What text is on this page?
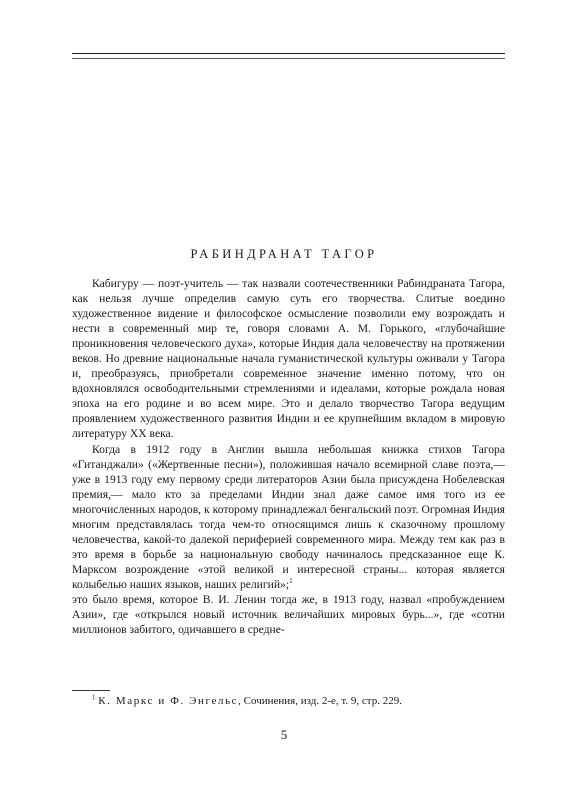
РАБИНДРАНАТ ТАГОР

Кабигуру — поэт-учитель — так назвали соотечественники Рабиндраната Тагора, как нельзя лучше определив самую суть его творчества. Слитые воедино художественное видение и философское осмысление позволили ему возрождать и нести в современный мир те, говоря словами А. М. Горького, «глубочайшие проникновения человеческого духа», которые Индия дала человечеству на протяжении веков. Но древние национальные начала гуманистической культуры оживали у Тагора и, преобразуясь, приобретали современное значение именно потому, что он вдохновлялся освободительными стремлениями и идеалами, которые рождала новая эпоха на его родине и во всем мире. Это и делало творчество Тагора ведущим проявлением художественного развития Индии и ее крупнейшим вкладом в мировую литературу XX века.

Когда в 1912 году в Англии вышла небольшая книжка стихов Тагора «Гитанджали» («Жертвенные песни»), положившая начало всемирной славе поэта,— уже в 1913 году ему первому среди литераторов Азии была присуждена Нобелевская премия,— мало кто за пределами Индии знал даже самое имя того из ее многочисленных народов, к которому принадлежал бенгальский поэт. Огромная Индия многим представлялась тогда чем-то относящимся лишь к сказочному прошлому человечества, какой-то далекой периферией современного мира. Между тем как раз в это время в борьбе за национальную свободу начиналось предсказанное еще К. Марксом возрождение «этой великой и интересной страны... которая является колыбелью наших языков, наших религий»;$^1$

это было время, которое В. И. Ленин тогда же, в 1913 году, назвал «пробуждением Азии», где «открылся новый источник величайших мировых бурь...», где «сотни миллионов забитого, одичавшего в средне-

$^1$ К. Маркс и Ф. Энгельс, Сочинения, изд. 2-е, т. 9, стр. 229.
5
